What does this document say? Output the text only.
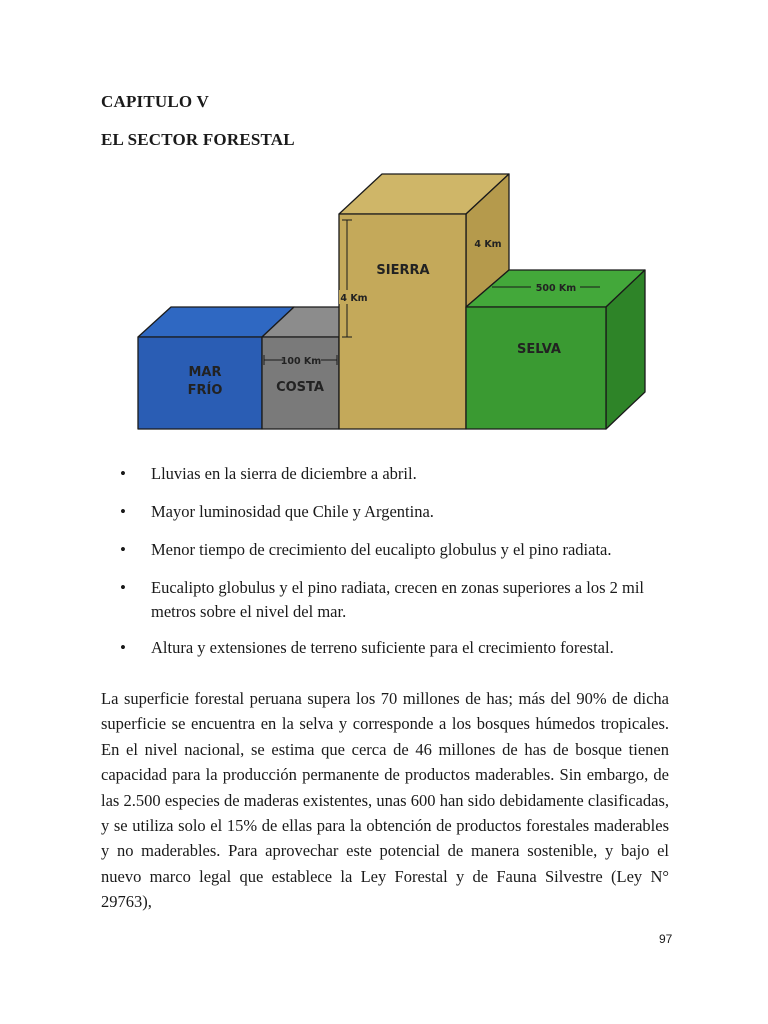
CAPITULO V
EL SECTOR FORESTAL
100 Km
4 Km
4 Km
500 Km
MAR
FRÍO	COSTA
SIERRA
SELVA
• Lluvias en la sierra de diciembre a abril.
• Mayor luminosidad que Chile y Argentina.
• Menor tiempo de crecimiento del eucalipto globulus y el pino radiata.
• Eucalipto globulus y el pino radiata, crecen en zonas superiores a los 2 mil metros sobre el nivel del mar.
• Altura y extensiones de terreno suficiente para el crecimiento forestal.

La superficie forestal peruana supera los 70 millones de has; más del 90% de dicha superficie se encuentra en la selva y corresponde a los bosques húmedos tropicales. En el nivel nacional, se estima que cerca de 46 millones de has de bosque tienen capacidad para la producción permanente de productos maderables. Sin embargo, de las 2.500 especies de maderas existentes, unas 600 han sido debidamente clasificadas, y se utiliza solo el 15% de ellas para la obtención de productos forestales maderables y no maderables. Para aprovechar este potencial de manera sostenible, y bajo el nuevo marco legal que establece la Ley Forestal y de Fauna Silvestre (Ley N° 29763),

97
